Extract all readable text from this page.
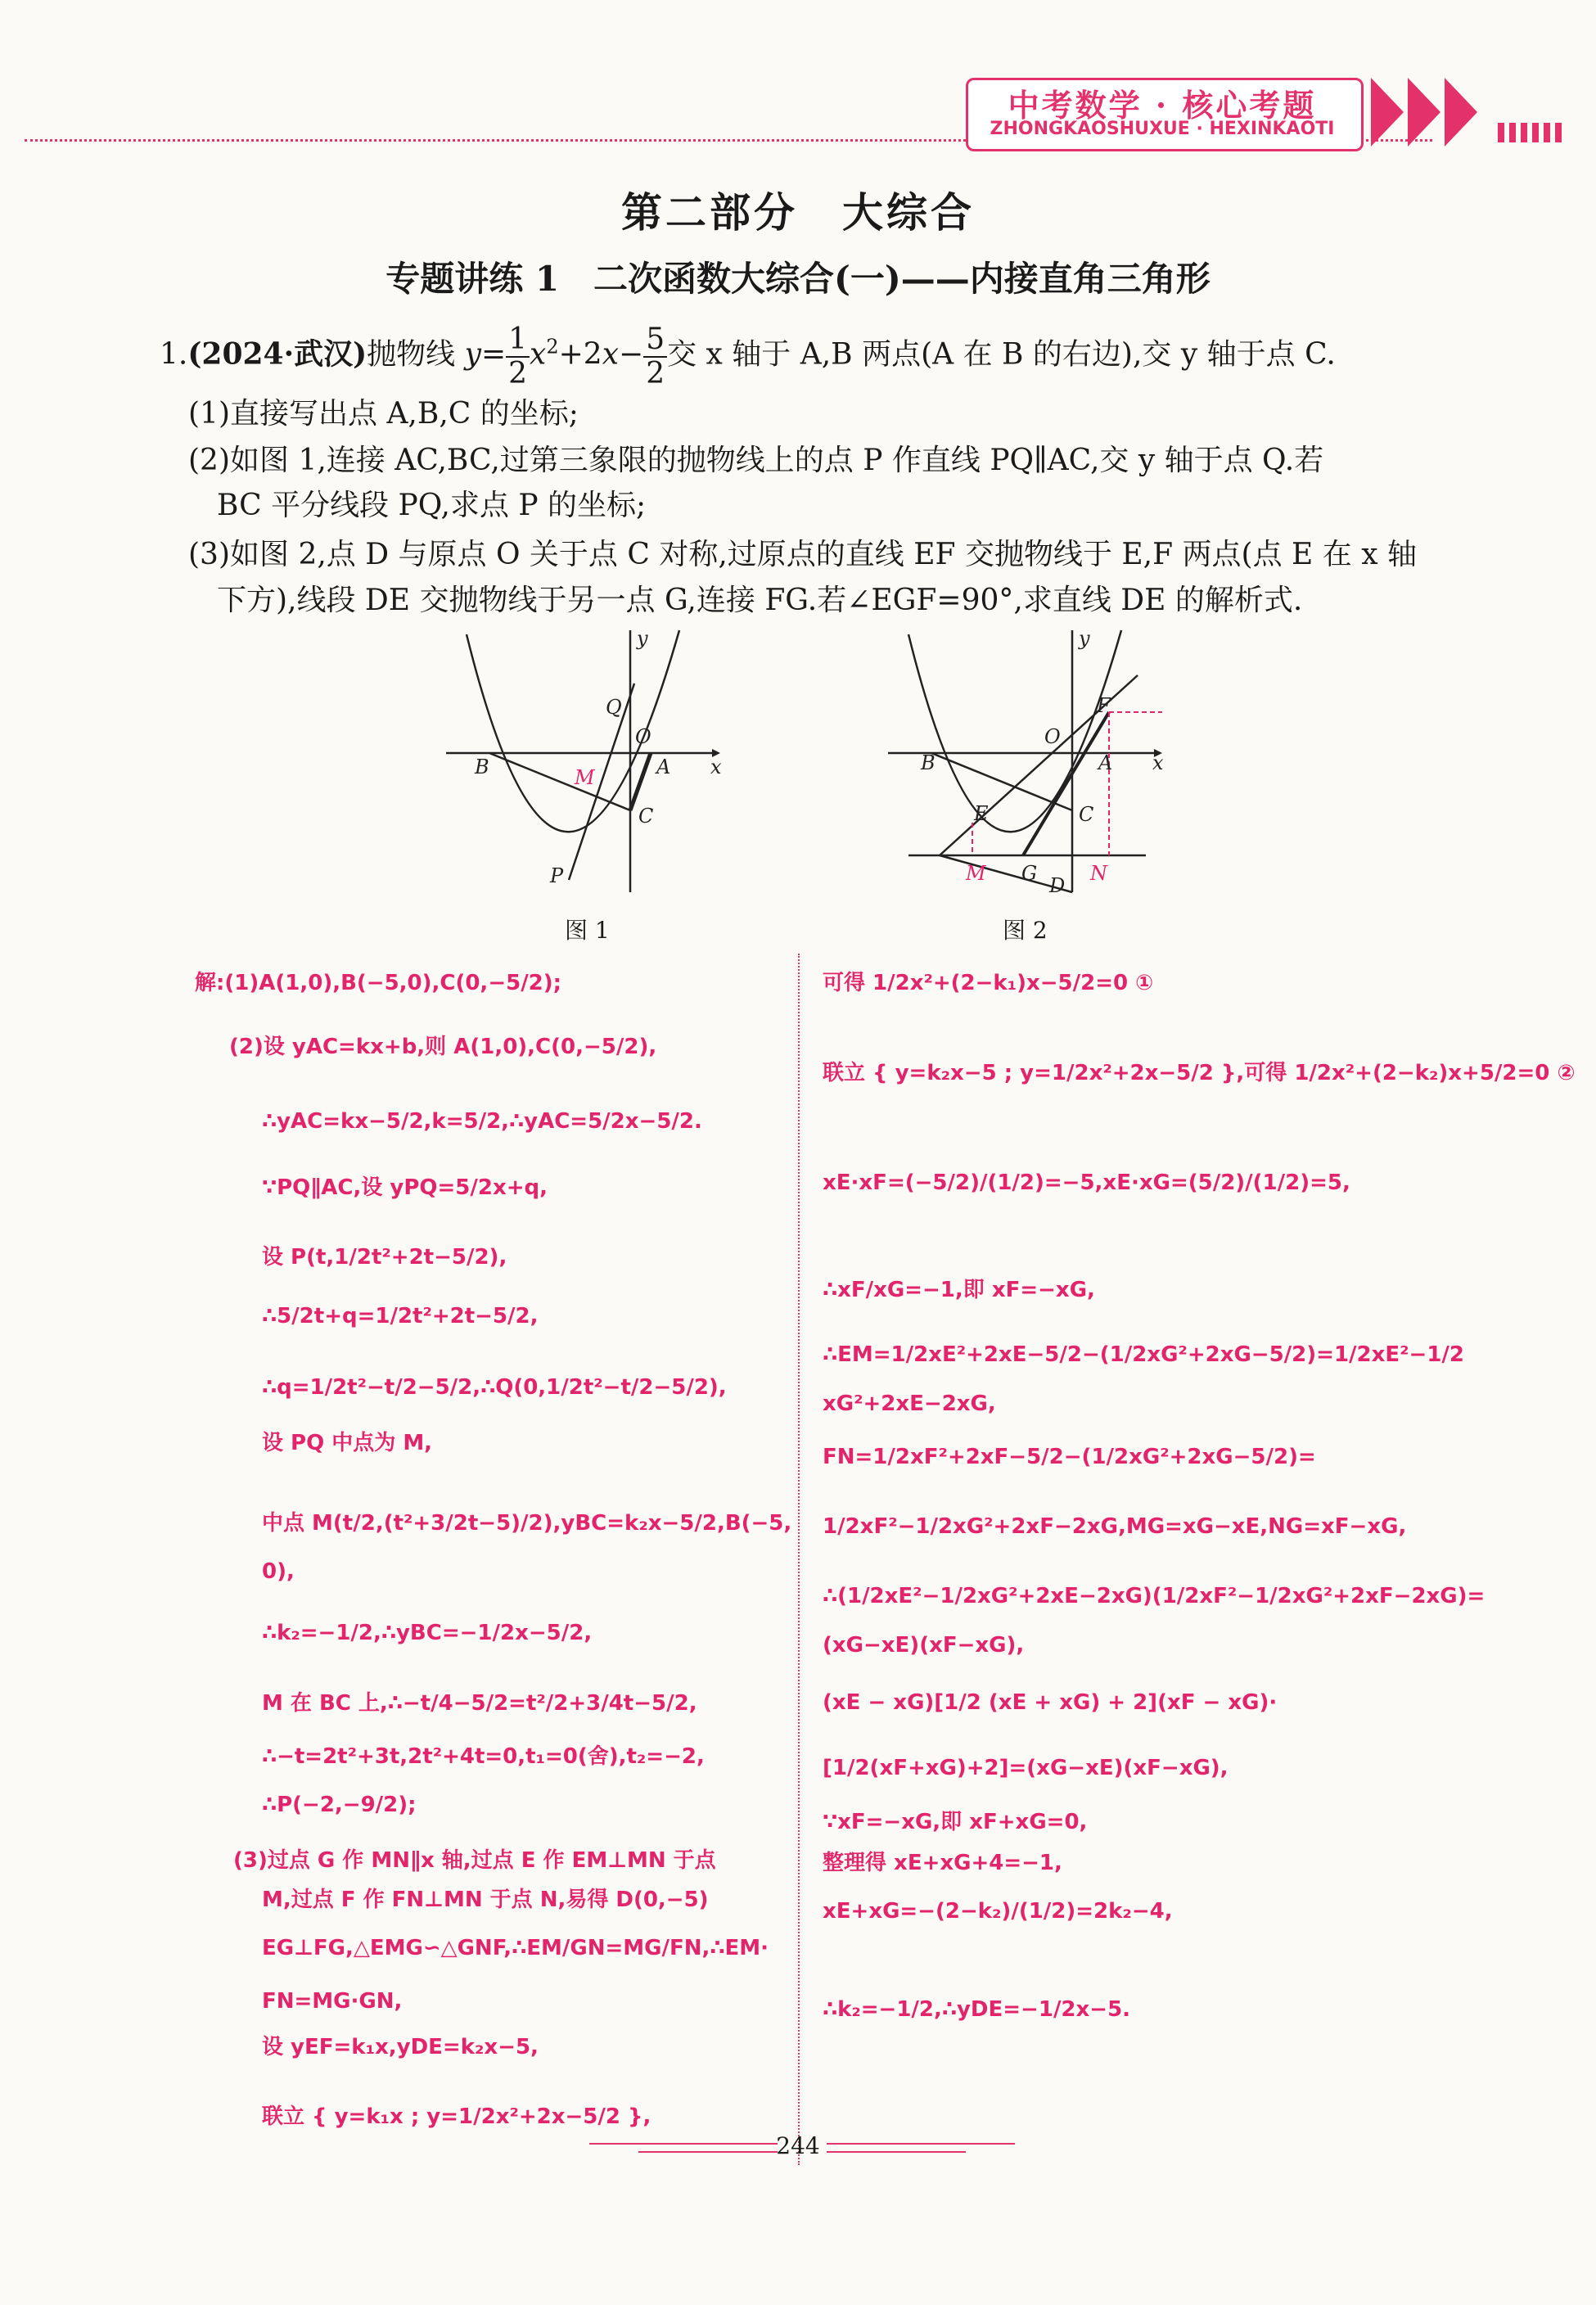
中考数学 · 核心考题
ZHONGKAOSHUXUE · HEXINKAOTI
第二部分　大综合
专题讲练 1　二次函数大综合(一)——内接直角三角形
1.(2024·武汉)抛物线 $y= \frac{1}{2} x^2+2x- \frac{5}{2}$ 交 x 轴于 A,B 两点(A 在 B 的右边),交 y 轴于点 C.
(1)直接写出点 A,B,C 的坐标;
(2)如图 1,连接 AC,BC,过第三象限的抛物线上的点 P 作直线 PQ∥AC,交 y 轴于点 Q.若
BC 平分线段 PQ,求点 P 的坐标;
(3)如图 2,点 D 与原点 O 关于点 C 对称,过原点的直线 EF 交抛物线于 E,F 两点(点 E 在 x 轴
下方),线段 DE 交抛物线于另一点 G,连接 FG.若∠EGF=90°,求直线 DE 的解析式.
y
Q
O
A x
B	M
C
P
图 1
y
F
O
A
B	x
E	C
M G
D
N
图 2
解:(1)A(1,0),B(−5,0),C(0,−5/2);
(2)设 yAC=kx+b,则 A(1,0),C(0,−5/2),
∴yAC=kx−5/2,k=5/2,∴yAC=5/2x−5/2.
∵PQ∥AC,设 yPQ=5/2x+q,
设 P(t,1/2t²+2t−5/2),
∴5/2t+q=1/2t²+2t−5/2,
∴q=1/2t²−t/2−5/2,∴Q(0,1/2t²−t/2−5/2),
设 PQ 中点为 M,
中点 M(t/2,(t²+3/2t−5)/2),yBC=k₂x−5/2,B(−5,
0),
∴k₂=−1/2,∴yBC=−1/2x−5/2,
M 在 BC 上,∴−t/4−5/2=t²/2+3/4t−5/2,
∴−t=2t²+3t,2t²+4t=0,t₁=0(舍),t₂=−2,
∴P(−2,−9/2);
(3)过点 G 作 MN∥x 轴,过点 E 作 EM⊥MN 于点
M,过点 F 作 FN⊥MN 于点 N,易得 D(0,−5)
EG⊥FG,△EMG∽△GNF,∴EM/GN=MG/FN,∴EM·
FN=MG·GN,
设 yEF=k₁x,yDE=k₂x−5,
联立 { y=k₁x ; y=1/2x²+2x−5/2 },
可得 1/2x²+(2−k₁)x−5/2=0 ①
联立 { y=k₂x−5 ; y=1/2x²+2x−5/2 },可得 1/2x²+(2−k₂)x+5/2=0 ②
xE·xF=(−5/2)/(1/2)=−5,xE·xG=(5/2)/(1/2)=5,
∴xF/xG=−1,即 xF=−xG,
∴EM=1/2xE²+2xE−5/2−(1/2xG²+2xG−5/2)=1/2xE²−1/2
xG²+2xE−2xG,
FN=1/2xF²+2xF−5/2−(1/2xG²+2xG−5/2)=
1/2xF²−1/2xG²+2xF−2xG,MG=xG−xE,NG=xF−xG,
∴(1/2xE²−1/2xG²+2xE−2xG)(1/2xF²−1/2xG²+2xF−2xG)=
(xG−xE)(xF−xG),
(xE − xG)[1/2 (xE + xG) + 2](xF − xG)·
[1/2(xF+xG)+2]=(xG−xE)(xF−xG),
∵xF=−xG,即 xF+xG=0,
整理得 xE+xG+4=−1,
xE+xG=−(2−k₂)/(1/2)=2k₂−4,
∴k₂=−1/2,∴yDE=−1/2x−5.
244
